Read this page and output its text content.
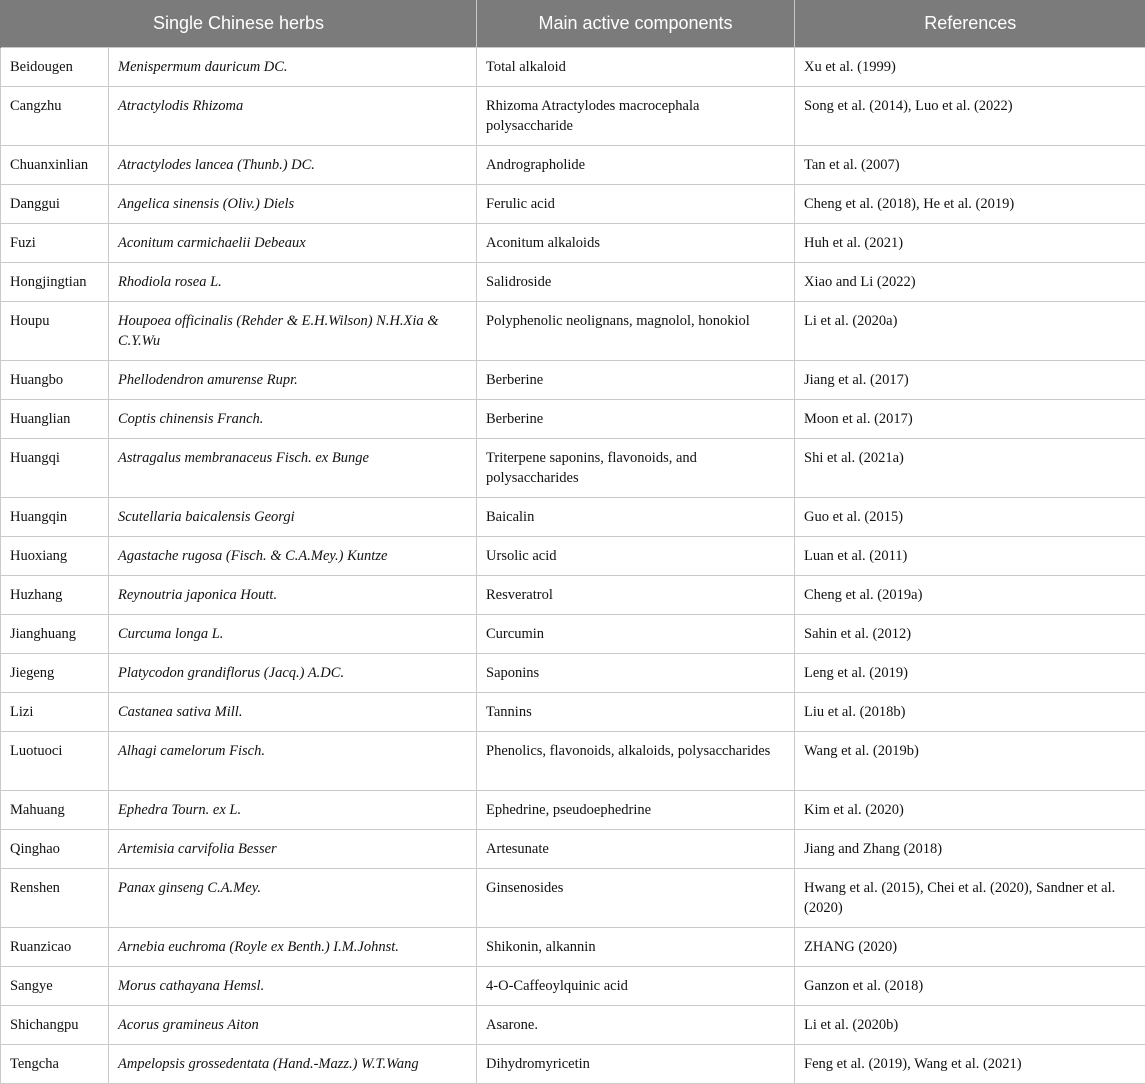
Single Chinese herbs		Main active components	References
Beidougen	Menispermum dauricum DC.	Total alkaloid	Xu et al. (1999)
Cangzhu	Atractylodis Rhizoma	Rhizoma Atractylodes macrocephala polysaccharide	Song et al. (2014), Luo et al. (2022)
Chuanxinlian	Atractylodes lancea (Thunb.) DC.	Andrographolide	Tan et al. (2007)
Danggui	Angelica sinensis (Oliv.) Diels	Ferulic acid	Cheng et al. (2018), He et al. (2019)
Fuzi	Aconitum carmichaelii Debeaux	Aconitum alkaloids	Huh et al. (2021)
Hongjingtian	Rhodiola rosea L.	Salidroside	Xiao and Li (2022)
Houpu	Houpoea officinalis (Rehder & E.H.Wilson) N.H.Xia & C.Y.Wu	Polyphenolic neolignans, magnolol, honokiol	Li et al. (2020a)
Huangbo	Phellodendron amurense Rupr.	Berberine	Jiang et al. (2017)
Huanglian	Coptis chinensis Franch.	Berberine	Moon et al. (2017)
Huangqi	Astragalus membranaceus Fisch. ex Bunge	Triterpene saponins, flavonoids, and polysaccharides	Shi et al. (2021a)
Huangqin	Scutellaria baicalensis Georgi	Baicalin	Guo et al. (2015)
Huoxiang	Agastache rugosa (Fisch. & C.A.Mey.) Kuntze	Ursolic acid	Luan et al. (2011)
Huzhang	Reynoutria japonica Houtt.	Resveratrol	Cheng et al. (2019a)
Jianghuang	Curcuma longa L.	Curcumin	Sahin et al. (2012)
Jiegeng	Platycodon grandiflorus (Jacq.) A.DC.	Saponins	Leng et al. (2019)
Lizi	Castanea sativa Mill.	Tannins	Liu et al. (2018b)
Luotuoci	Alhagi camelorum Fisch.	Phenolics, flavonoids, alkaloids, polysaccharides	Wang et al. (2019b)
Mahuang	Ephedra Tourn. ex L.	Ephedrine, pseudoephedrine	Kim et al. (2020)
Qinghao	Artemisia carvifolia Besser	Artesunate	Jiang and Zhang (2018)
Renshen	Panax ginseng C.A.Mey.	Ginsenosides	Hwang et al. (2015), Chei et al. (2020), Sandner et al. (2020)
Ruanzicao	Arnebia euchroma (Royle ex Benth.) I.M.Johnst.	Shikonin, alkannin	ZHANG (2020)
Sangye	Morus cathayana Hemsl.	4-O-Caffeoylquinic acid	Ganzon et al. (2018)
Shichangpu	Acorus gramineus Aiton	Asarone.	Li et al. (2020b)
Tengcha	Ampelopsis grossedentata (Hand.-Mazz.) W.T.Wang	Dihydromyricetin	Feng et al. (2019), Wang et al. (2021)
